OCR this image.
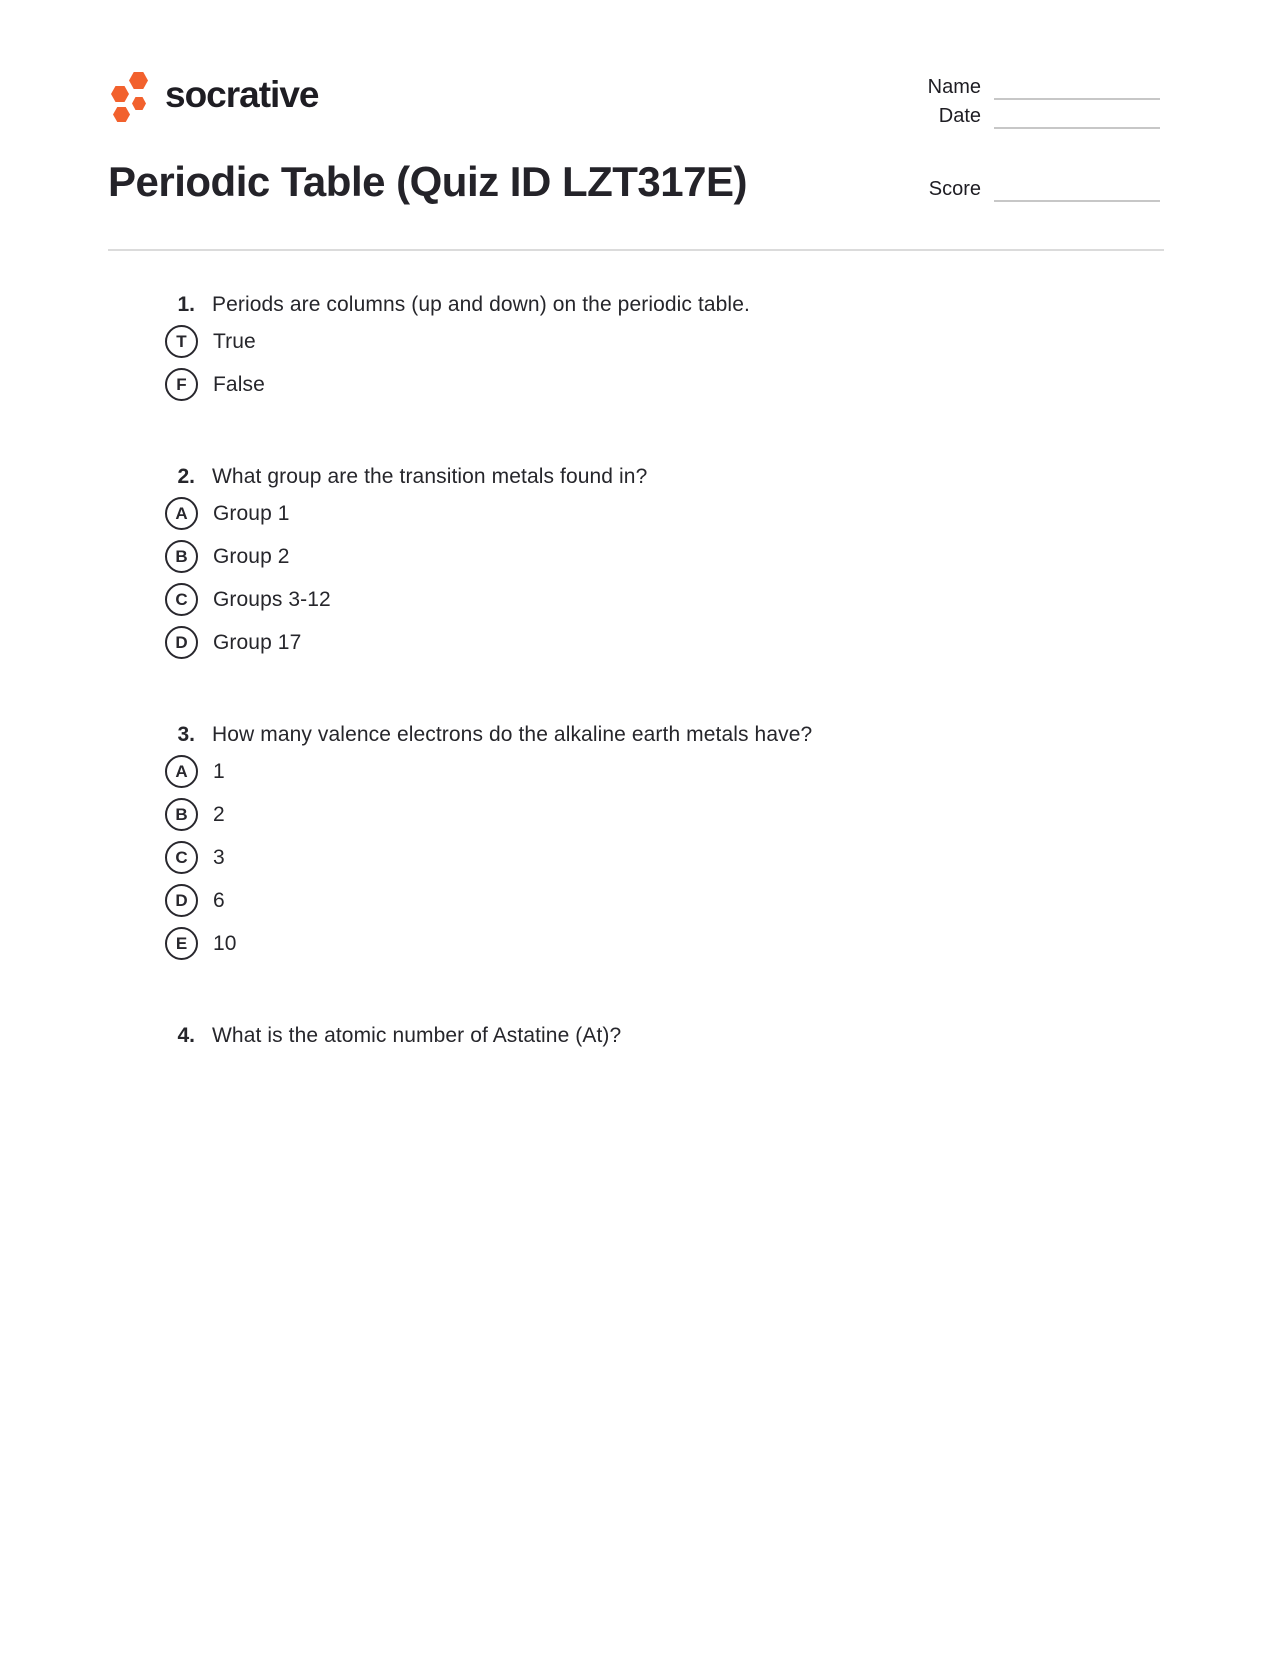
socrative	Name
Date
Periodic Table (Quiz ID LZT317E)	Score
1. Periods are columns (up and down) on the periodic table.
T True
F False
2. What group are the transition metals found in?
A Group 1
B Group 2
C Groups 3-12
D Group 17
3. How many valence electrons do the alkaline earth metals have?
A 1
B 2
C 3
D 6
E 10
4. What is the atomic number of Astatine (At)?
